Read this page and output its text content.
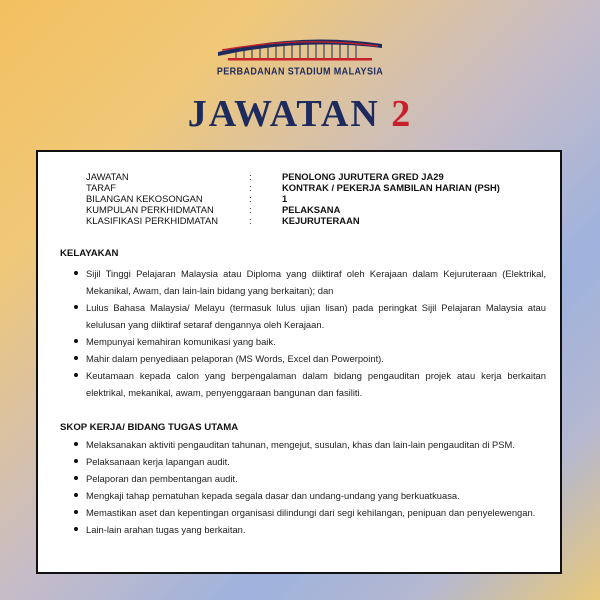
PERBADANAN STADIUM MALAYSIA
JAWATAN 2
JAWATAN	:	PENOLONG JURUTERA GRED JA29
TARAF	:	KONTRAK / PEKERJA SAMBILAN HARIAN (PSH)
BILANGAN KEKOSONGAN	:	1
KUMPULAN PERKHIDMATAN	:	PELAKSANA
KLASIFIKASI PERKHIDMATAN	:	KEJURUTERAAN
KELAYAKAN
Sijil Tinggi Pelajaran Malaysia atau Diploma yang diiktiraf oleh Kerajaan dalam Kejuruteraan (Elektrikal, Mekanikal, Awam, dan lain-lain bidang yang berkaitan); dan
Lulus Bahasa Malaysia/ Melayu (termasuk lulus ujian lisan) pada peringkat Sijil Pelajaran Malaysia atau kelulusan yang diiktiraf setaraf dengannya oleh Kerajaan.
Mempunyai kemahiran komunikasi yang baik.
Mahir dalam penyediaan pelaporan (MS Words, Excel dan Powerpoint).
Keutamaan kepada calon yang berpengalaman dalam bidang pengauditan projek atau kerja berkaitan elektrikal, mekanikal, awam, penyenggaraan bangunan dan fasiliti.
SKOP KERJA/ BIDANG TUGAS UTAMA
Melaksanakan aktiviti pengauditan tahunan, mengejut, susulan, khas dan lain-lain pengauditan di PSM.
Pelaksanaan kerja lapangan audit.
Pelaporan dan pembentangan audit.
Mengkaji tahap pematuhan kepada segala dasar dan undang-undang yang berkuatkuasa.
Memastikan aset dan kepentingan organisasi dilindungi dari segi kehilangan, penipuan dan penyelewengan.
Lain-lain arahan tugas yang berkaitan.
